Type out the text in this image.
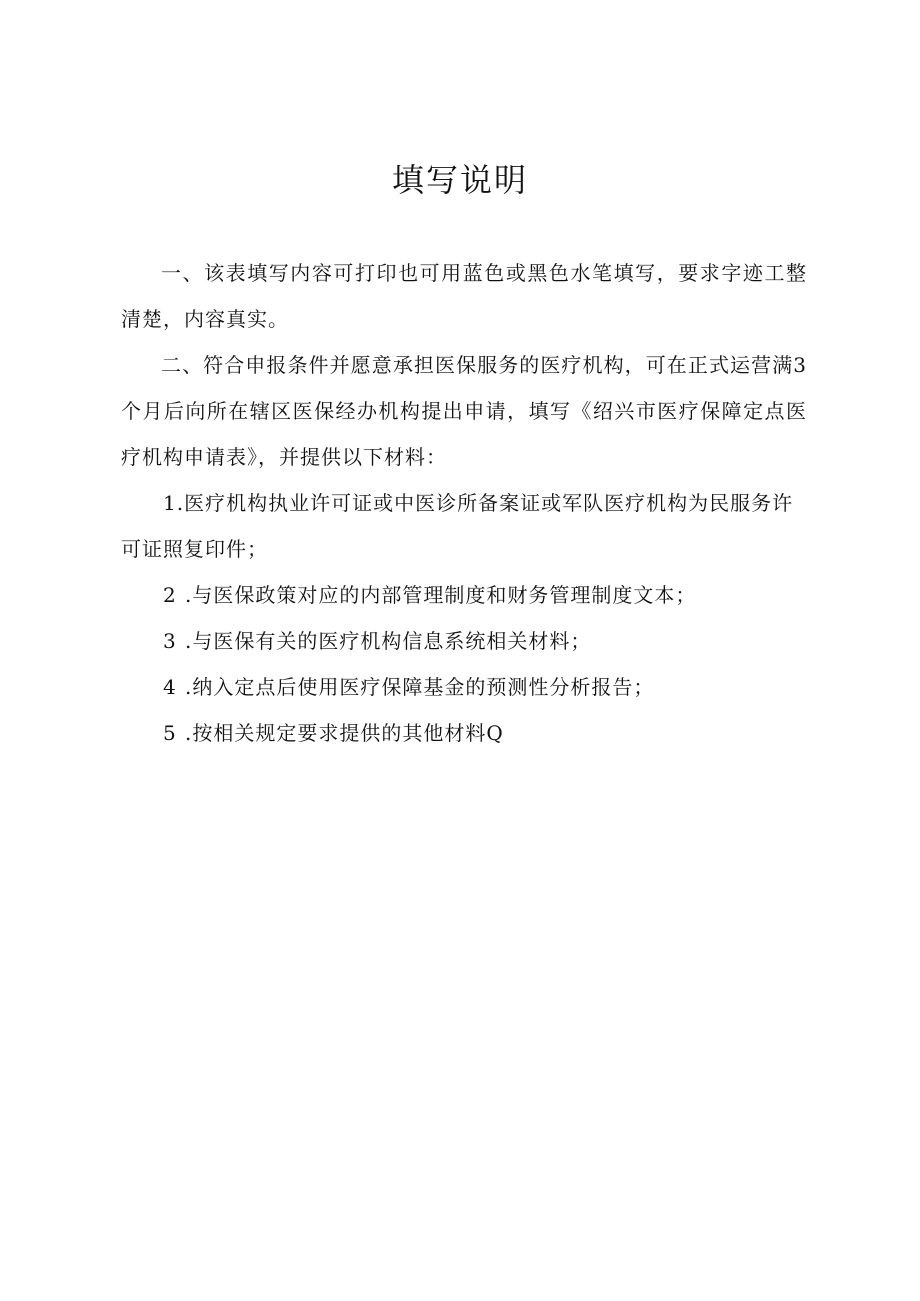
填写说明

一、该表填写内容可打印也可用蓝色或黑色水笔填写，要求字迹工整清楚，内容真实。

二、符合申报条件并愿意承担医保服务的医疗机构，可在正式运营满3个月后向所在辖区医保经办机构提出申请，填写《绍兴市医疗保障定点医疗机构申请表》，并提供以下材料：

1.医疗机构执业许可证或中医诊所备案证或军队医疗机构为民服务许可证照复印件；

2 .与医保政策对应的内部管理制度和财务管理制度文本；

3 .与医保有关的医疗机构信息系统相关材料；

4 .纳入定点后使用医疗保障基金的预测性分析报告；

5 .按相关规定要求提供的其他材料Q
